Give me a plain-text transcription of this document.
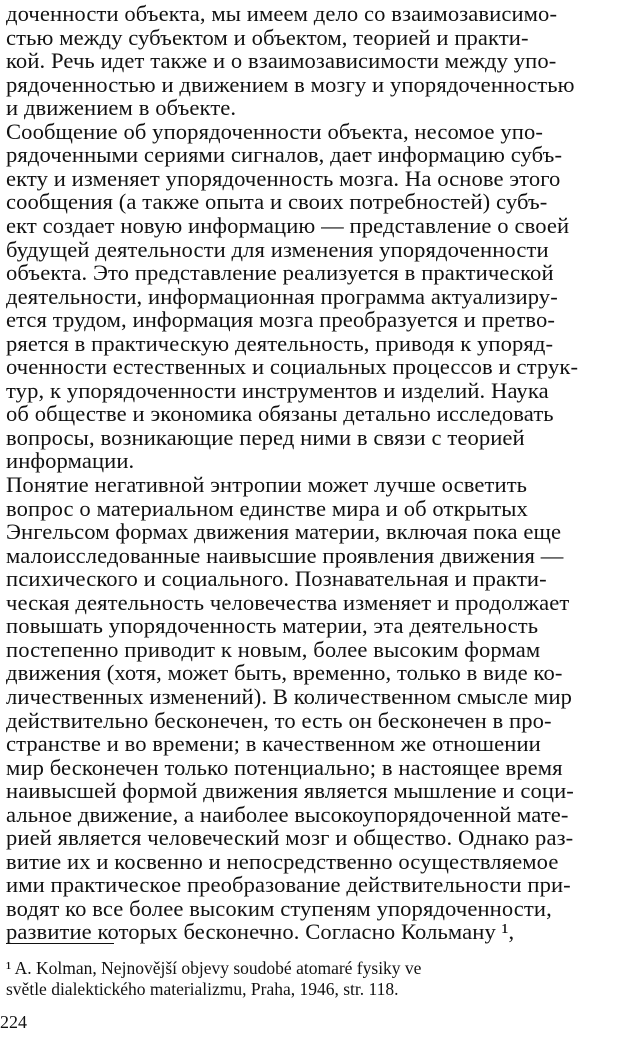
доченности объекта, мы имеем дело со взаимозависимо-
стью между субъектом и объектом, теорией и практи-
кой. Речь идет также и о взаимозависимости между упо-
рядоченностью и движением в мозгу и упорядоченностью
и движением в объекте.
Сообщение об упорядоченности объекта, несомое упо-
рядоченными сериями сигналов, дает информацию субъ-
екту и изменяет упорядоченность мозга. На основе этого
сообщения (а также опыта и своих потребностей) субъ-
ект создает новую информацию — представление о своей
будущей деятельности для изменения упорядоченности
объекта. Это представление реализуется в практической
деятельности, информационная программа актуализиру-
ется трудом, информация мозга преобразуется и претво-
ряется в практическую деятельность, приводя к упоряд-
оченности естественных и социальных процессов и струк-
тур, к упорядоченности инструментов и изделий. Наука
об обществе и экономика обязаны детально исследовать
вопросы, возникающие перед ними в связи с теорией
информации.
Понятие негативной энтропии может лучше осветить
вопрос о материальном единстве мира и об открытых
Энгельсом формах движения материи, включая пока еще
малоисследованные наивысшие проявления движения —
психического и социального. Познавательная и практи-
ческая деятельность человечества изменяет и продолжает
повышать упорядоченность материи, эта деятельность
постепенно приводит к новым, более высоким формам
движения (хотя, может быть, временно, только в виде ко-
личественных изменений). В количественном смысле мир
действительно бесконечен, то есть он бесконечен в про-
странстве и во времени; в качественном же отношении
мир бесконечен только потенциально; в настоящее время
наивысшей формой движения является мышление и соци-
альное движение, а наиболее высокоупорядоченной мате-
рией является человеческий мозг и общество. Однако раз-
витие их и косвенно и непосредственно осуществляемое
ими практическое преобразование действительности при-
водят ко все более высоким ступеням упорядоченности,
развитие которых бесконечно. Согласно Кольману ¹,
¹ A. Kolman, Nejnovější objevy soudobé atomaré fysiky ve
světle dialektického materializmu, Praha, 1946, str. 118.
224
